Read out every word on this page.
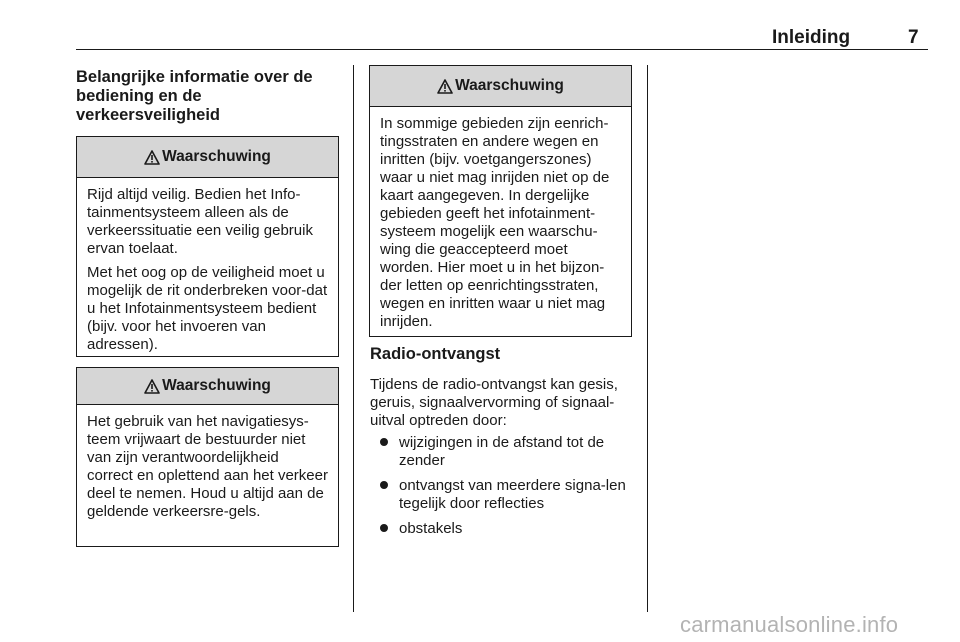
Inleiding	7
Belangrijke informatie over de bediening en de verkeersveiligheid
Waarschuwing

Rijd altijd veilig. Bedien het Info-tainmentsysteem alleen als de verkeerssituatie een veilig gebruik ervan toelaat.

Met het oog op de veiligheid moet u mogelijk de rit onderbreken voor-dat u het Infotainmentsysteem bedient (bijv. voor het invoeren van adressen).

Waarschuwing

Het gebruik van het navigatiesys-teem vrijwaart de bestuurder niet van zijn verantwoordelijkheid correct en oplettend aan het verkeer deel te nemen. Houd u altijd aan de geldende verkeersre-gels.

Waarschuwing

In sommige gebieden zijn eenrich-tingsstraten en andere wegen en inritten (bijv. voetgangerszones) waar u niet mag inrijden niet op de kaart aangegeven. In dergelijke gebieden geeft het infotainment-systeem mogelijk een waarschu-wing die geaccepteerd moet worden. Hier moet u in het bijzon-der letten op eenrichtingsstraten, wegen en inritten waar u niet mag inrijden.

Radio-ontvangst

Tijdens de radio-ontvangst kan gesis, geruis, signaalvervorming of signaal-uitval optreden door:

wijzigingen in de afstand tot de zender
ontvangst van meerdere signa-len tegelijk door reflecties
obstakels
carmanualsonline.info
